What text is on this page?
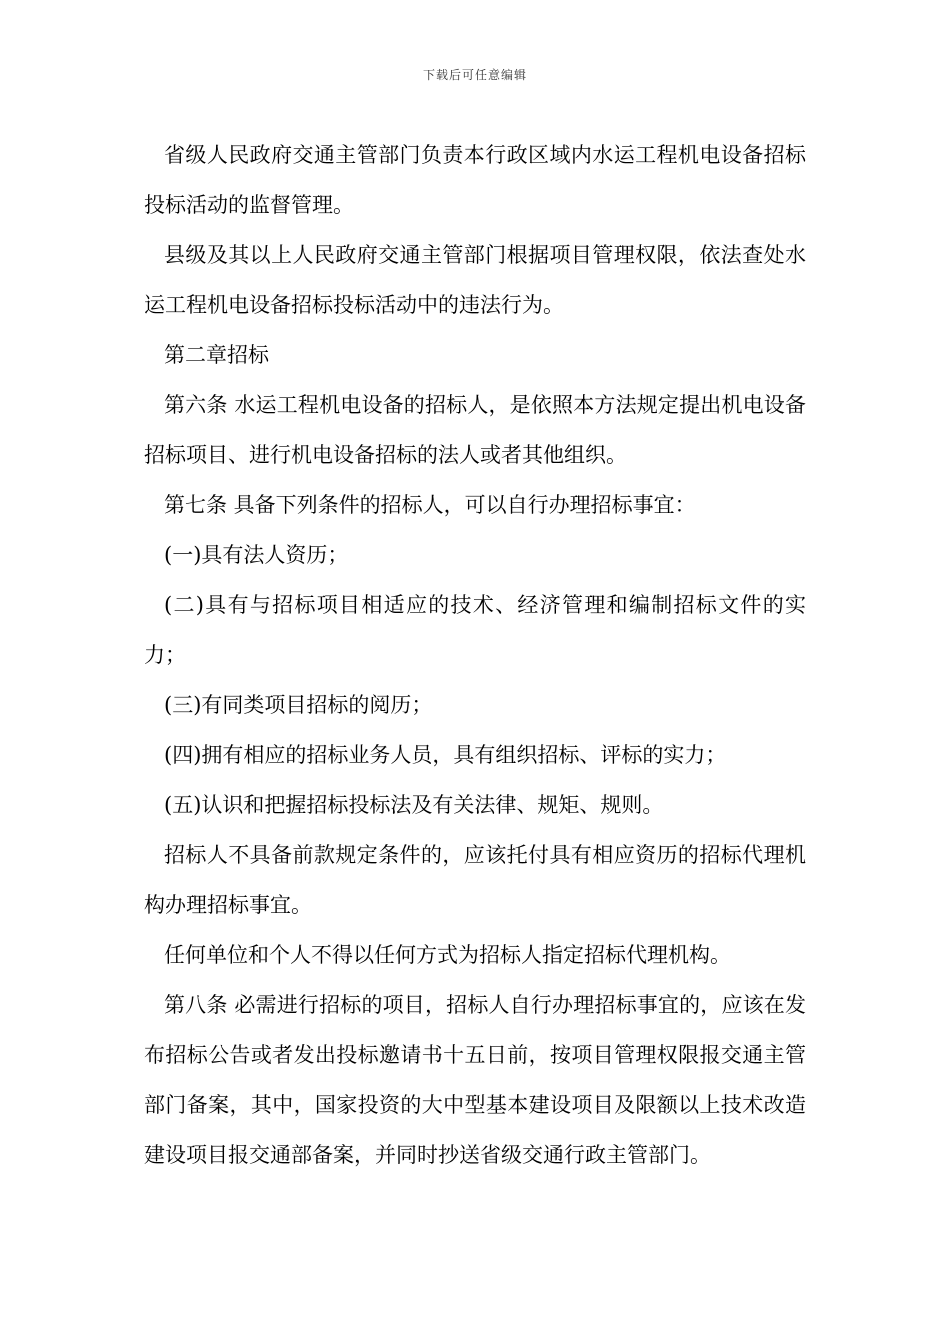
下载后可任意编辑

省级人民政府交通主管部门负责本行政区域内水运工程机电设备招标投标活动的监督管理。

县级及其以上人民政府交通主管部门根据项目管理权限，依法查处水运工程机电设备招标投标活动中的违法行为。

第二章招标

第六条 水运工程机电设备的招标人，是依照本方法规定提出机电设备招标项目、进行机电设备招标的法人或者其他组织。

第七条 具备下列条件的招标人，可以自行办理招标事宜：

(一)具有法人资历；

(二)具有与招标项目相适应的技术、经济管理和编制招标文件的实力；

(三)有同类项目招标的阅历；

(四)拥有相应的招标业务人员，具有组织招标、评标的实力；

(五)认识和把握招标投标法及有关法律、规矩、规则。

招标人不具备前款规定条件的，应该托付具有相应资历的招标代理机构办理招标事宜。

任何单位和个人不得以任何方式为招标人指定招标代理机构。

第八条 必需进行招标的项目，招标人自行办理招标事宜的，应该在发布招标公告或者发出投标邀请书十五日前，按项目管理权限报交通主管部门备案，其中，国家投资的大中型基本建设项目及限额以上技术改造建设项目报交通部备案，并同时抄送省级交通行政主管部门。
